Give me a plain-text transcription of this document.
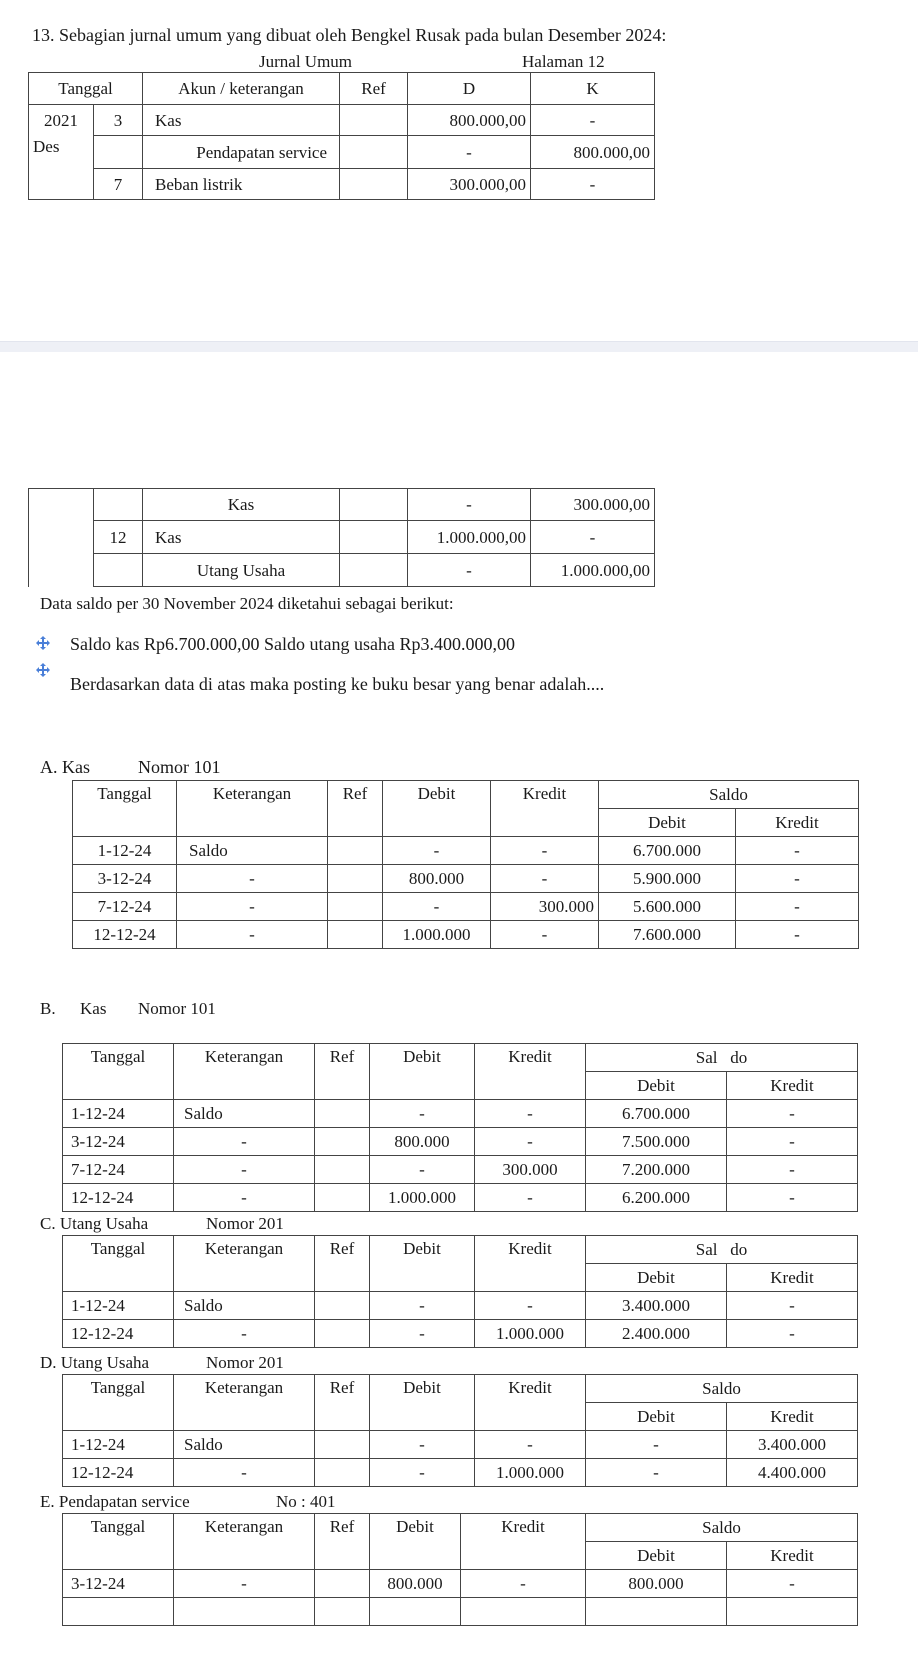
13. Sebagian jurnal umum yang dibuat oleh Bengkel Rusak pada bulan Desember 2024:
Jurnal Umum	Halaman 12
Tanggal		Akun / keterangan	Ref	D	K
2021	3	Kas		800.000,00	-
Des		Pendapatan service		-	800.000,00
	7	Beban listrik		300.000,00	-
		Kas		-	300.000,00
	12	Kas		1.000.000,00	-
		Utang Usaha		-	1.000.000,00
Data saldo per 30 November 2024 diketahui sebagai berikut:
Saldo kas Rp6.700.000,00 Saldo utang usaha Rp3.400.000,00
Berdasarkan data di atas maka posting ke buku besar yang benar adalah....
A. Kas	Nomor 101
Tanggal	Keterangan	Ref	Debit	Kredit	Saldo	
					Debit	Kredit
1-12-24	Saldo		-	-	6.700.000	-
3-12-24	-		800.000	-	5.900.000	-
7-12-24	-		-	300.000	5.600.000	-
12-12-24	-		1.000.000	-	7.600.000	-
B. Kas Nomor 101
Tanggal	Keterangan	Ref	Debit	Kredit	Sal   do	
					Debit	Kredit
1-12-24	Saldo		-	-	6.700.000	-
3-12-24	-		800.000	-	7.500.000	-
7-12-24	-		-	300.000	7.200.000	-
12-12-24	-		1.000.000	-	6.200.000	-
C. Utang Usaha	Nomor 201
Tanggal	Keterangan	Ref	Debit	Kredit	Sal   do	
					Debit	Kredit
1-12-24	Saldo		-	-	3.400.000	-
12-12-24	-		-	1.000.000	2.400.000	-
D. Utang Usaha	Nomor 201
Tanggal	Keterangan	Ref	Debit	Kredit	Saldo	
					Debit	Kredit
1-12-24	Saldo		-	-	-	3.400.000
12-12-24	-		-	1.000.000	-	4.400.000
E. Pendapatan service	No : 401
Tanggal	Keterangan	Ref	Debit	Kredit	Saldo	
					Debit	Kredit
3-12-24	-		800.000	-	800.000	-
